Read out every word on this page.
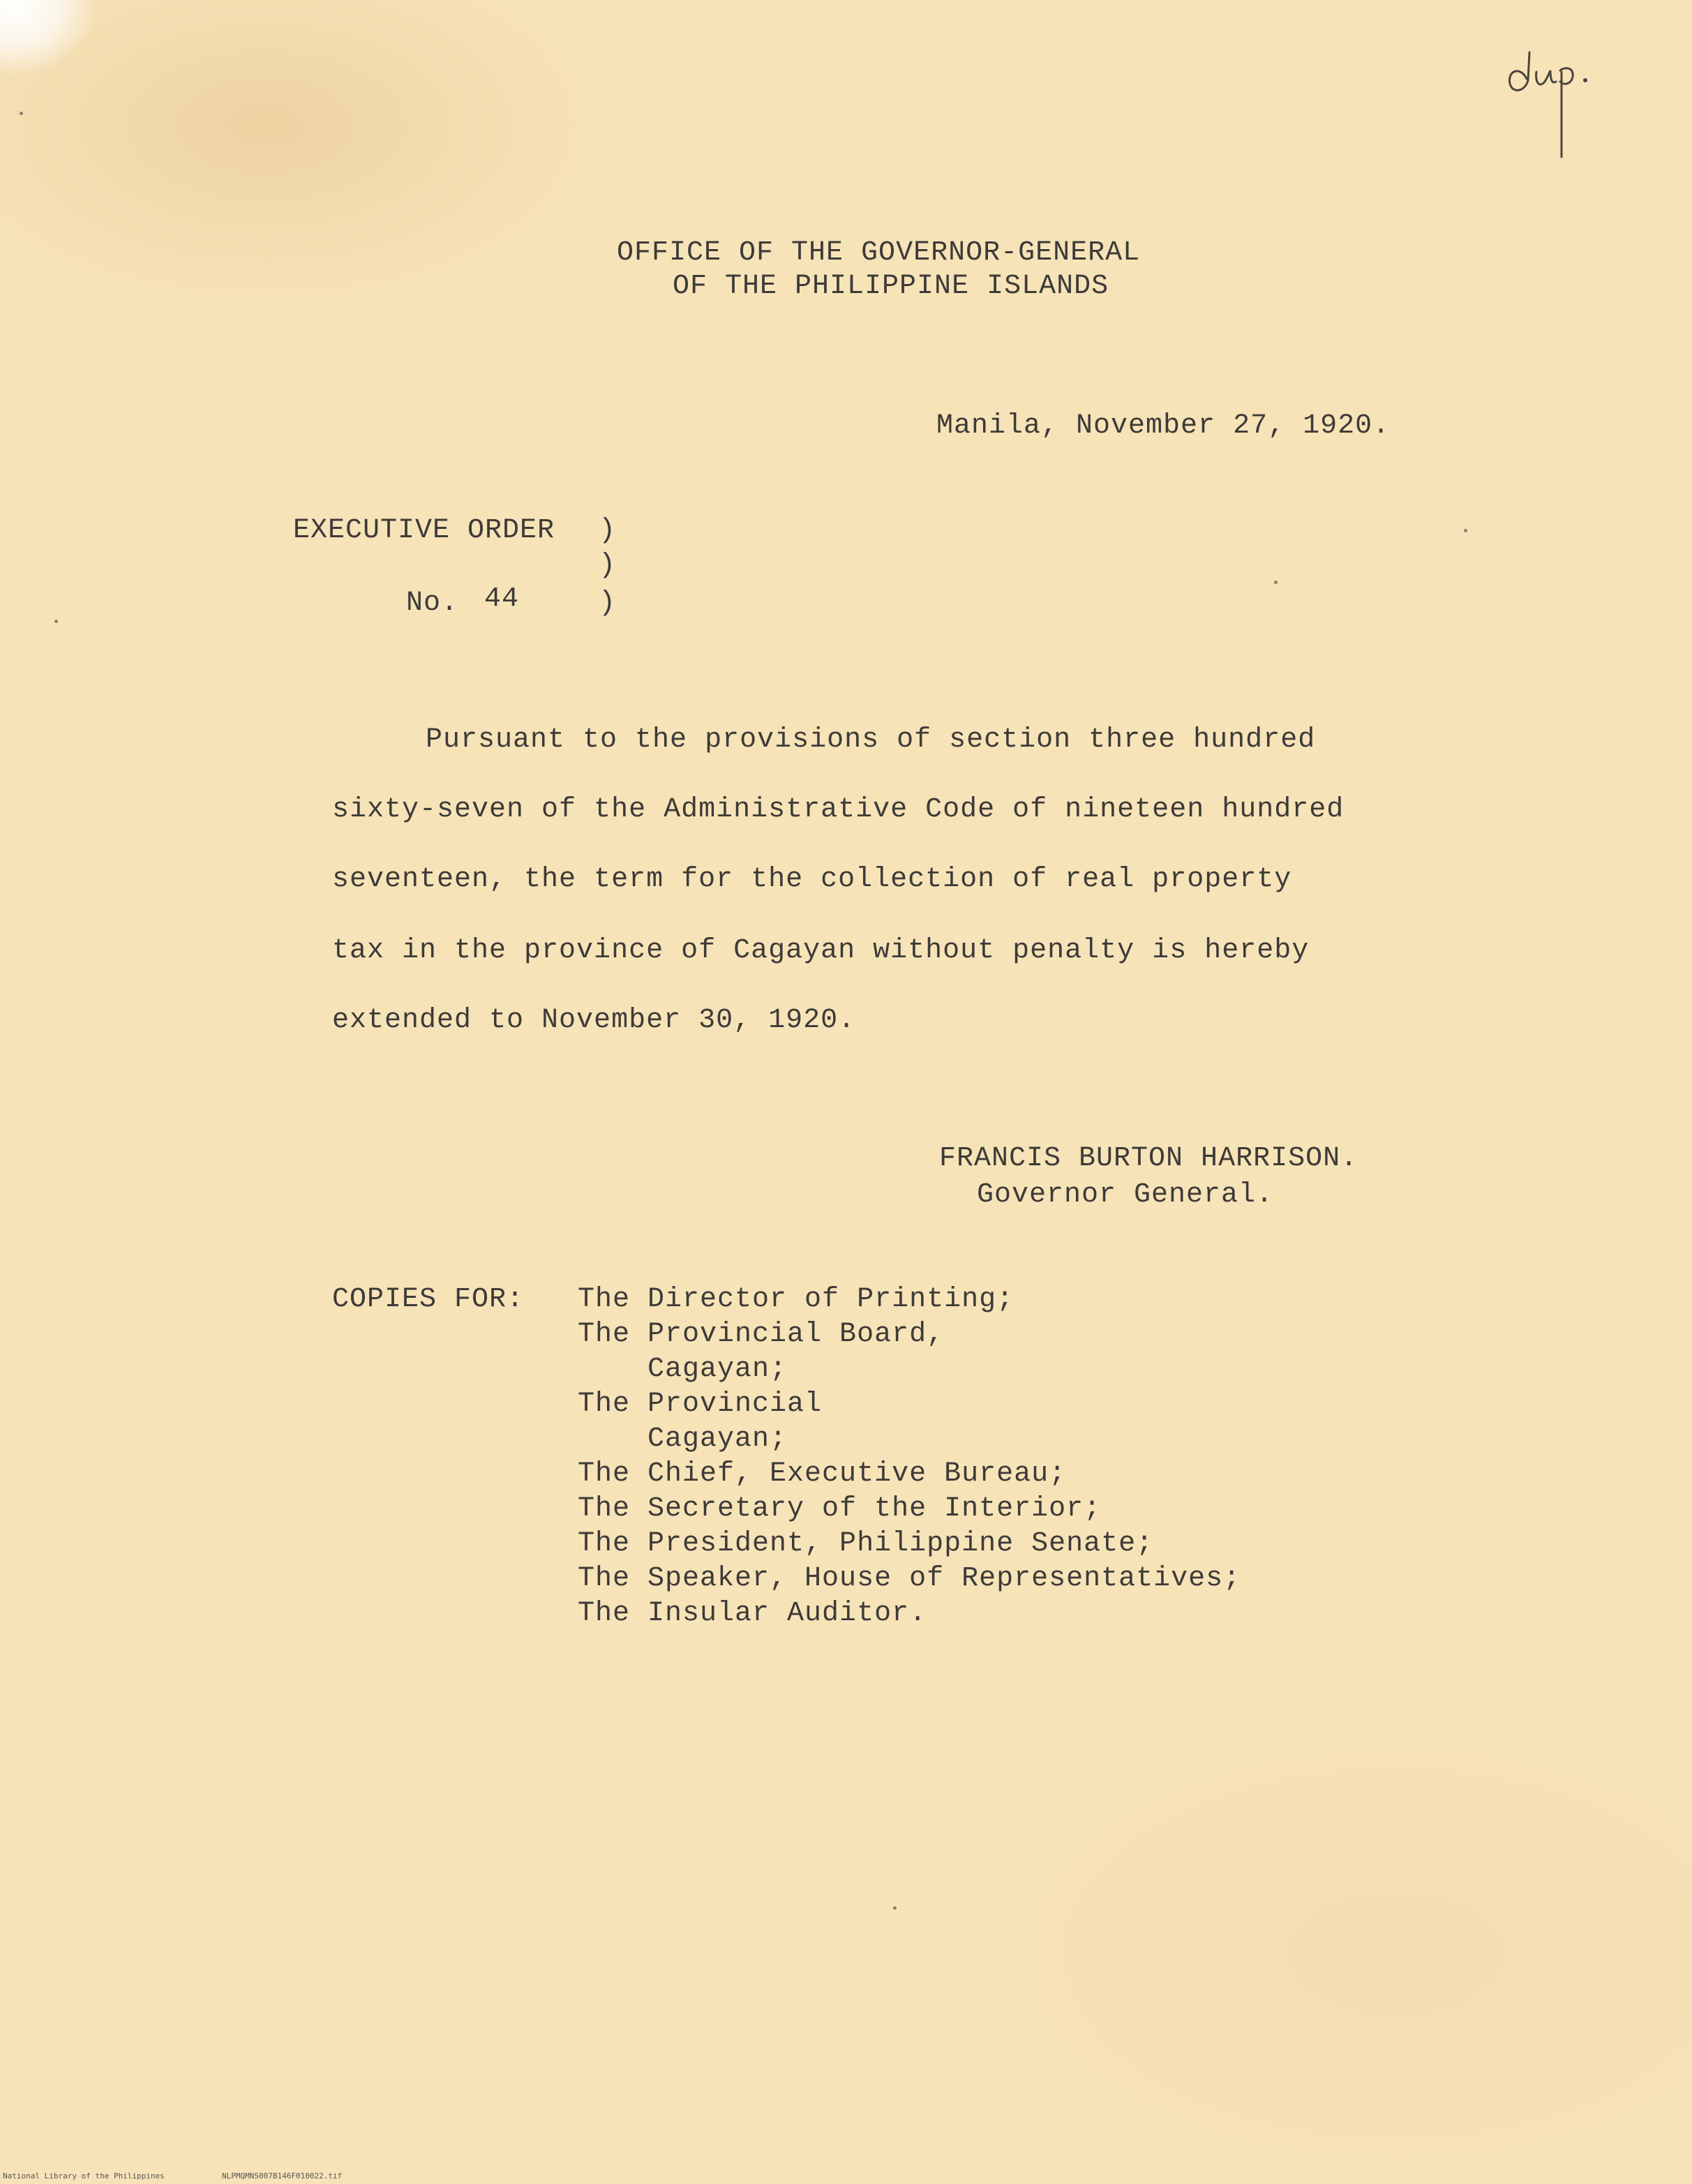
OFFICE OF THE GOVERNOR-GENERAL
OF THE PHILIPPINE ISLANDS
Manila, November 27, 1920.
EXECUTIVE ORDER )
)
No. 44	)
Pursuant to the provisions of section three hundred
sixty-seven of the Administrative Code of nineteen hundred
seventeen, the term for the collection of real property
tax in the province of Cagayan without penalty is hereby
extended to November 30, 1920.
FRANCIS BURTON HARRISON.
Governor General.
COPIES FOR: The Director of Printing;
The Provincial Board,
Cagayan;
The Provincial
Cagayan;
The Chief, Executive Bureau;
The Secretary of the Interior;
The President, Philippine Senate;
The Speaker, House of Representatives;
The Insular Auditor.
National Library of the Philippines	NLPMQMNS007B146F010022.tif
